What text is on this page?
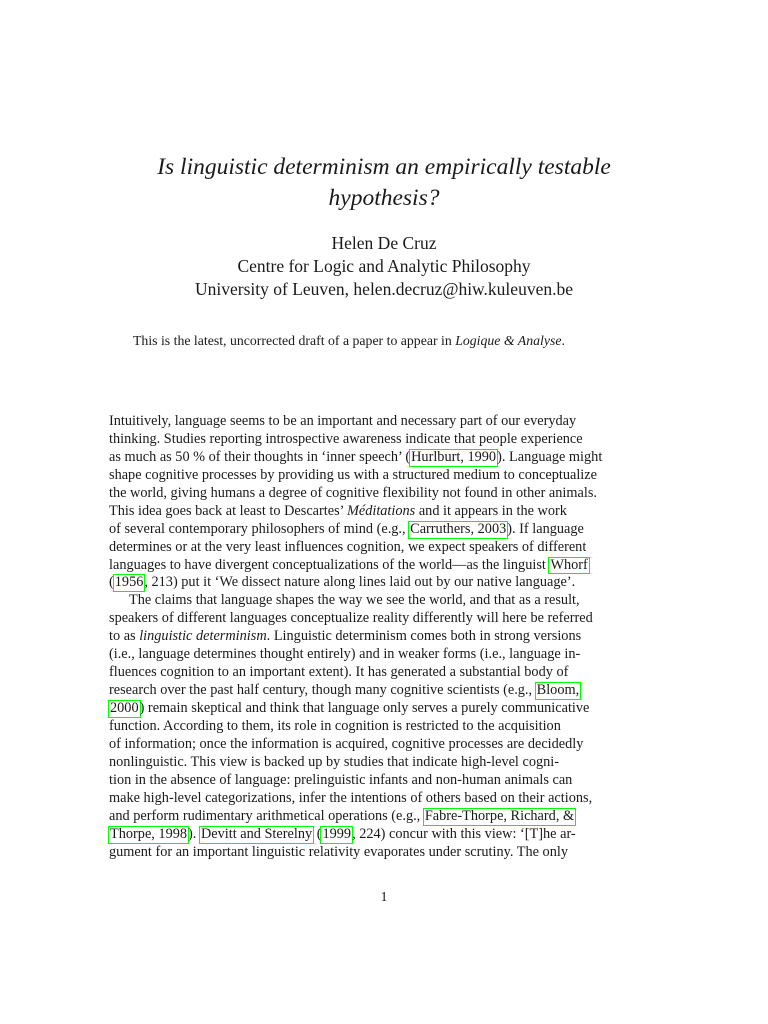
Is linguistic determinism an empirically testable
hypothesis?
Helen De Cruz
Centre for Logic and Analytic Philosophy
University of Leuven, helen.decruz@hiw.kuleuven.be
This is the latest, uncorrected draft of a paper to appear in Logique & Analyse.
Intuitively, language seems to be an important and necessary part of our everyday
thinking. Studies reporting introspective awareness indicate that people experience
as much as 50 % of their thoughts in ‘inner speech’ ( Hurlburt, 1990 ). Language might
shape cognitive processes by providing us with a structured medium to conceptualize
the world, giving humans a degree of cognitive flexibility not found in other animals.
This idea goes back at least to Descartes’ Méditations and it appears in the work
of several contemporary philosophers of mind (e.g., Carruthers, 2003 ). If language
determines or at the very least influences cognition, we expect speakers of different
languages to have divergent conceptualizations of the world—as the linguist Whorf
( 1956 , 213) put it ‘We dissect nature along lines laid out by our native language’.
The claims that language shapes the way we see the world, and that as a result,
speakers of different languages conceptualize reality differently will here be referred
to as linguistic determinism . Linguistic determinism comes both in strong versions
(i.e., language determines thought entirely) and in weaker forms (i.e., language in-
fluences cognition to an important extent). It has generated a substantial body of
research over the past half century, though many cognitive scientists (e.g., Bloom,
2000 ) remain skeptical and think that language only serves a purely communicative
function. According to them, its role in cognition is restricted to the acquisition
of information; once the information is acquired, cognitive processes are decidedly
nonlinguistic. This view is backed up by studies that indicate high-level cogni-
tion in the absence of language: prelinguistic infants and non-human animals can
make high-level categorizations, infer the intentions of others based on their actions,
and perform rudimentary arithmetical operations (e.g., Fabre-Thorpe, Richard, &
Thorpe, 1998 ). Devitt and Sterelny ( 1999 , 224) concur with this view: ‘[T]he ar-
gument for an important linguistic relativity evaporates under scrutiny. The only
1
